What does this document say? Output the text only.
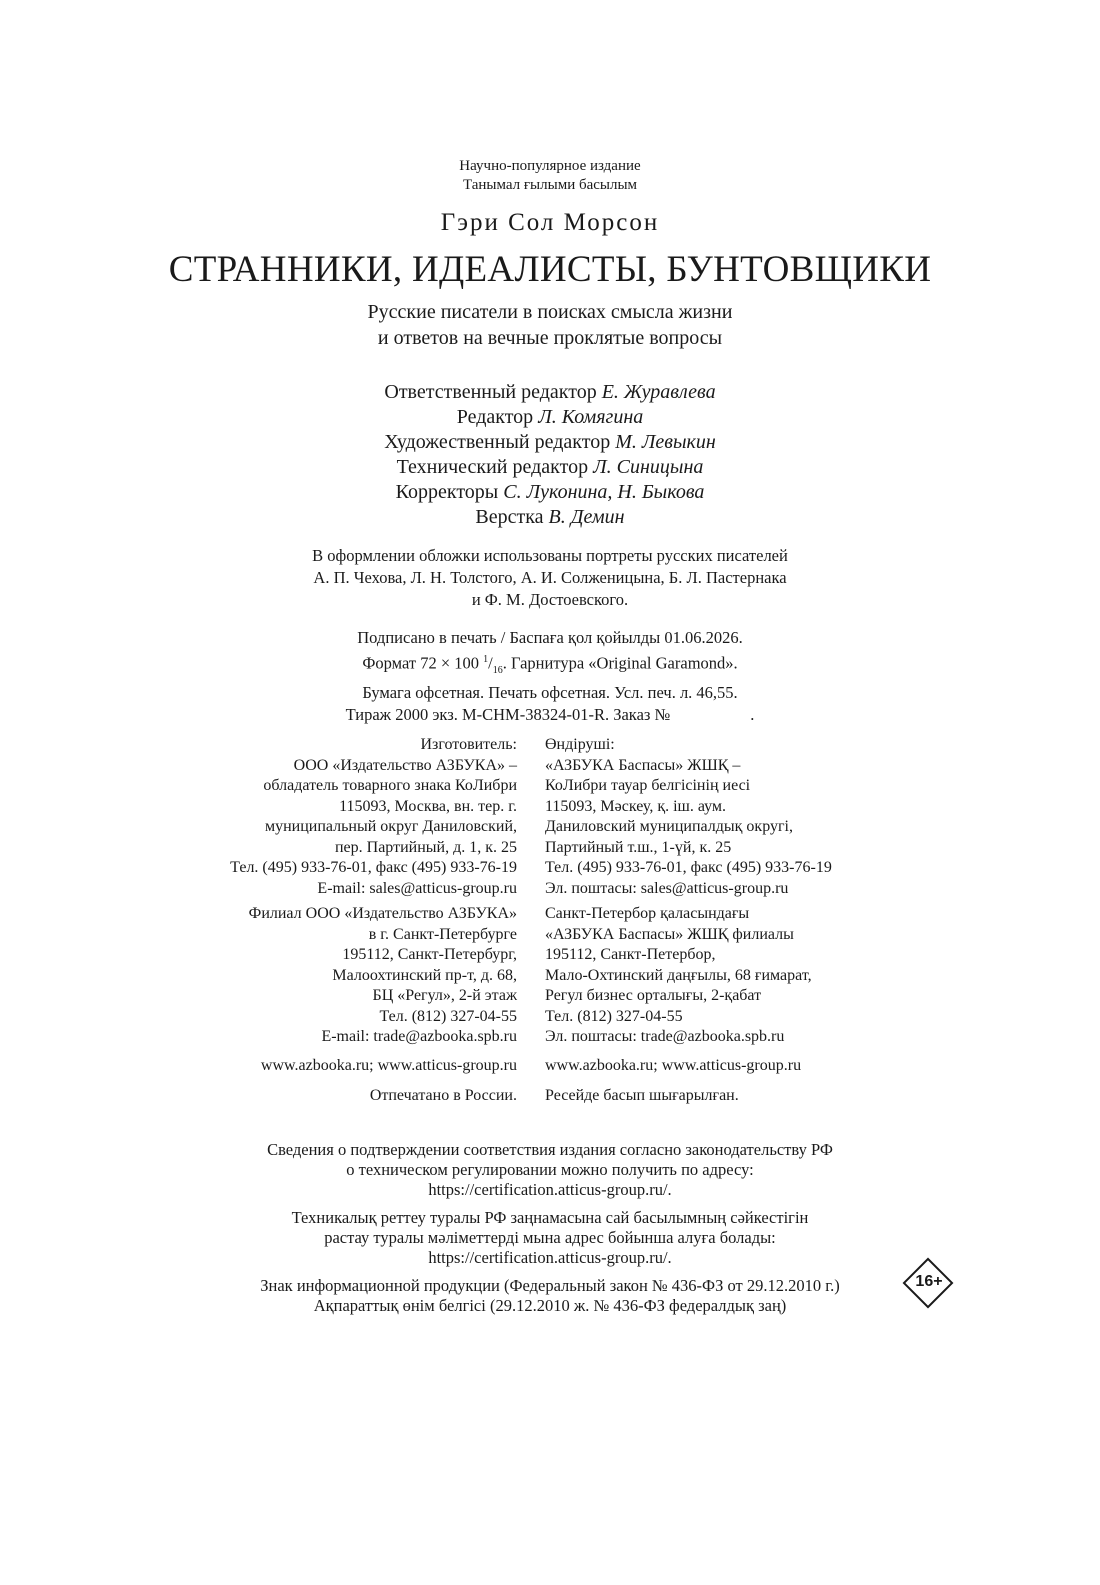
Научно-популярное издание
Танымал ғылыми басылым
Гэри Сол Морсон
СТРАННИКИ, ИДЕАЛИСТЫ, БУНТОВЩИКИ
Русские писатели в поисках смысла жизни
и ответов на вечные проклятые вопросы
Ответственный редактор Е. Журавлева
Редактор Л. Комягина
Художественный редактор М. Левыкин
Технический редактор Л. Синицына
Корректоры С. Луконина, Н. Быкова
Верстка В. Демин
В оформлении обложки использованы портреты русских писателей
А. П. Чехова, Л. Н. Толстого, А. И. Солженицына, Б. Л. Пастернака
и Ф. М. Достоевского.
Подписано в печать / Баспаға қол қойылды 01.06.2026.
Формат 72 × 100 $^1/_{16}$. Гарнитура «Original Garamond».
Бумага офсетная. Печать офсетная. Усл. печ. л. 46,55.
Тираж 2000 экз. M-CHM-38324-01-R. Заказ №	.
Изготовитель:
ООО «Издательство АЗБУКА» –
обладатель товарного знака КоЛибри
115093, Москва, вн. тер. г.
муниципальный округ Даниловский,
пер. Партийный, д. 1, к. 25
Тел. (495) 933-76-01, факс (495) 933-76-19
E-mail: sales@atticus-group.ru
Филиал ООО «Издательство АЗБУКА»
в г. Санкт-Петербурге
195112, Санкт-Петербург,
Малоохтинский пр-т, д. 68,
БЦ «Регул», 2-й этаж
Тел. (812) 327-04-55
E-mail: trade@azbooka.spb.ru
www.azbooka.ru; www.atticus-group.ru
Отпечатано в России.
Өндіруші:
«АЗБУКА Баспасы» ЖШҚ –
КоЛибри тауар белгісінің иесі
115093, Мәскеу, қ. іш. аум.
Даниловский муниципалдық округі,
Партийный т.ш., 1-үй, к. 25
Тел. (495) 933-76-01, факс (495) 933-76-19
Эл. поштасы: sales@atticus-group.ru
Санкт-Петербор қаласындағы
«АЗБУКА Баспасы» ЖШҚ филиалы
195112, Санкт-Петербор,
Мало-Охтинский даңғылы, 68 ғимарат,
Регул бизнес орталығы, 2-қабат
Тел. (812) 327-04-55
Эл. поштасы: trade@azbooka.spb.ru
www.azbooka.ru; www.atticus-group.ru
Ресейде басып шығарылған.
Сведения о подтверждении соответствия издания согласно законодательству РФ
о техническом регулировании можно получить по адресу:
https://certification.atticus-group.ru/.
Техникалық реттеу туралы РФ заңнамасына сай басылымның сәйкестігін
растау туралы мәліметтерді мына адрес бойынша алуға болады:
https://certification.atticus-group.ru/.
Знак информационной продукции (Федеральный закон № 436-ФЗ от 29.12.2010 г.)
Ақпараттық өнім белгісі (29.12.2010 ж. № 436-ФЗ федералдық заң)
16+
